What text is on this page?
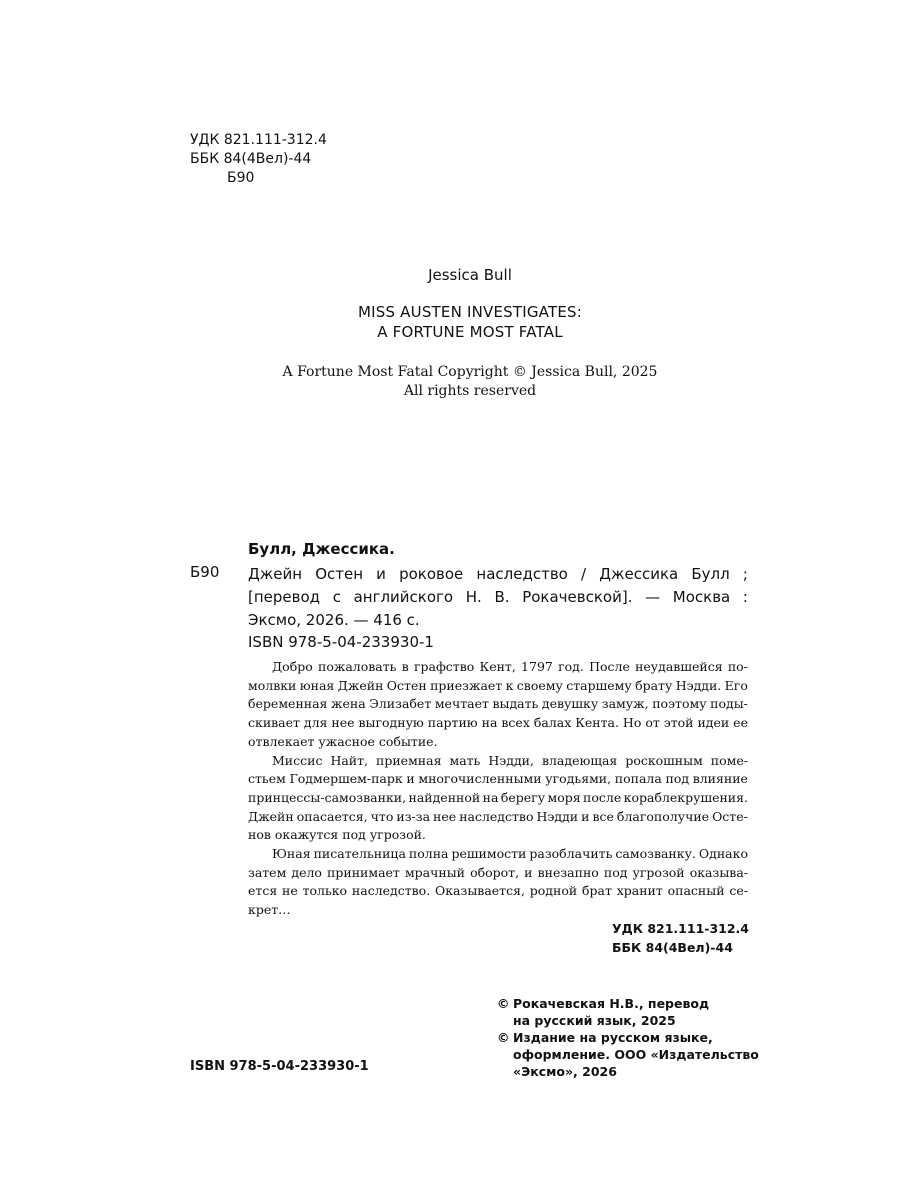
УДК 821.111-312.4
ББК 84(4Вел)-44
Б90
Jessica Bull
MISS AUSTEN INVESTIGATES:
A FORTUNE MOST FATAL
A Fortune Most Fatal Copyright © Jessica Bull, 2025
All rights reserved
Булл, Джессика.
Б90 Джейн Остен и роковое наследство / Джессика Булл ;
[перевод с английского Н. В. Рокачевской]. — Москва :
Эксмо, 2026. — 416 с.
ISBN 978-5-04-233930-1
Добро пожаловать в графство Кент, 1797 год. После неудавшейся по-
молвки юная Джейн Остен приезжает к своему старшему брату Нэдди. Его
беременная жена Элизабет мечтает выдать девушку замуж, поэтому поды-
скивает для нее выгодную партию на всех балах Кента. Но от этой идеи ее
отвлекает ужасное событие.
Миссис Найт, приемная мать Нэдди, владеющая роскошным поме-
стьем Годмершем-парк и многочисленными угодьями, попала под влияние
принцессы-самозванки, найденной на берегу моря после кораблекрушения.
Джейн опасается, что из-за нее наследство Нэдди и все благополучие Осте-
нов окажутся под угрозой.
Юная писательница полна решимости разоблачить самозванку. Однако
затем дело принимает мрачный оборот, и внезапно под угрозой оказыва-
ется не только наследство. Оказывается, родной брат хранит опасный се-
крет…
УДК 821.111-312.4
ББК 84(4Вел)-44
© Рокачевская Н.В., перевод
на русский язык, 2025
© Издание на русском языке,
оформление. ООО «Издательство
«Эксмо», 2026
ISBN 978-5-04-233930-1
